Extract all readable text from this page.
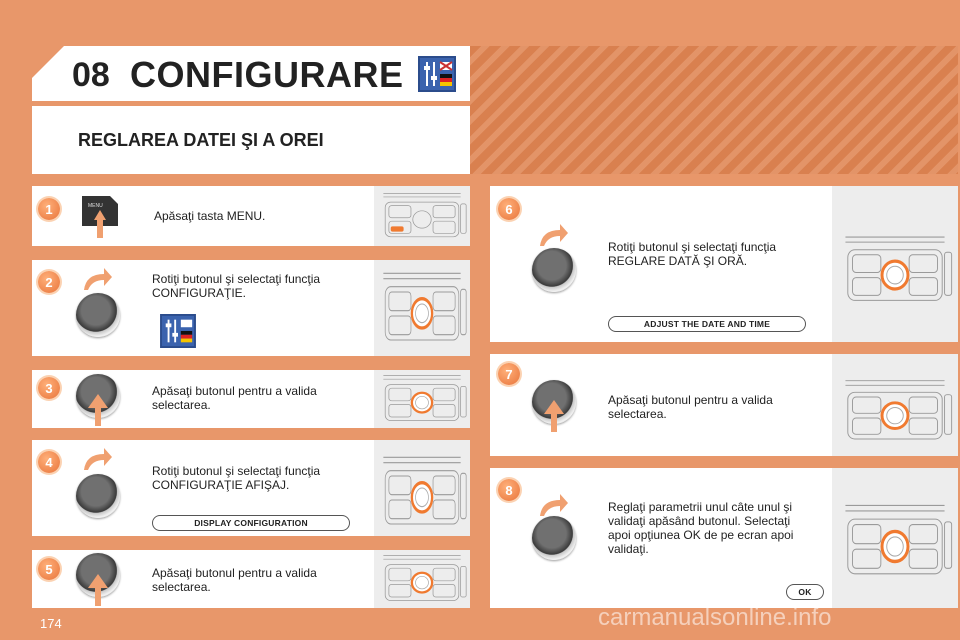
08 CONFIGURARE
REGLAREA DATEI ŞI A OREI
1	MENU
Apăsaţi tasta MENU.
2	Rotiţi butonul şi selectaţi funcţia
CONFIGURAŢIE.
3	Apăsaţi butonul pentru a valida
selectarea.
4
Rotiţi butonul şi selectaţi funcţia
CONFIGURAŢIE AFIŞAJ.
DISPLAY CONFIGURATION
5	Apăsaţi butonul pentru a valida
selectarea.
6
Rotiţi butonul şi selectaţi funcţia
REGLARE DATĂ ŞI ORĂ.
ADJUST THE DATE AND TIME
7
Apăsaţi butonul pentru a valida
selectarea.
8
Reglaţi parametrii unul câte unul şi
validaţi apăsând butonul. Selectaţi
apoi opţiunea OK de pe ecran apoi
validaţi.
OK
174	carmanualsonline.info
